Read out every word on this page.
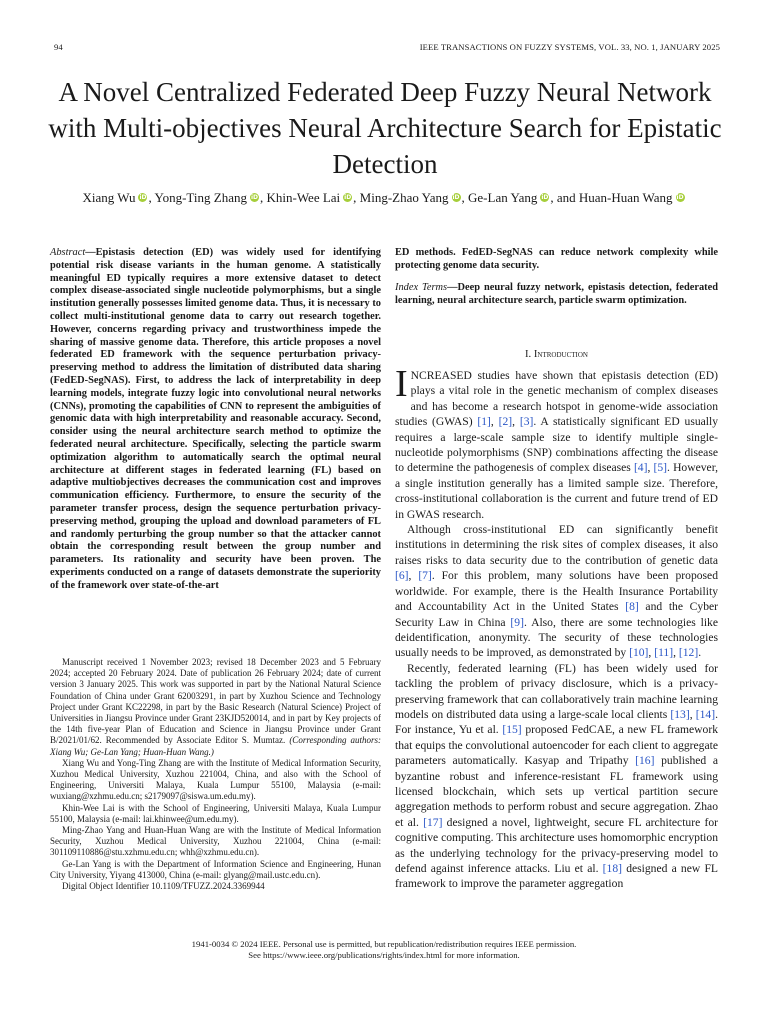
94	IEEE TRANSACTIONS ON FUZZY SYSTEMS, VOL. 33, NO. 1, JANUARY 2025
A Novel Centralized Federated Deep Fuzzy Neural Network with Multi-objectives Neural Architecture Search for Epistatic Detection
Xiang Wu iD , Yong-Ting Zhang iD , Khin-Wee Lai iD , Ming-Zhao Yang iD , Ge-Lan Yang iD , and Huan-Huan Wang iD
Abstract—Epistasis detection (ED) was widely used for identifying potential risk disease variants in the human genome. A statistically meaningful ED typically requires a more extensive dataset to detect complex disease-associated single nucleotide polymorphisms, but a single institution generally possesses limited genome data. Thus, it is necessary to collect multi-institutional genome data to carry out research together. However, concerns regarding privacy and trustworthiness impede the sharing of massive genome data. Therefore, this article proposes a novel federated ED framework with the sequence perturbation privacy-preserving method to address the limitation of distributed data sharing (FedED-SegNAS). First, to address the lack of interpretability in deep learning models, integrate fuzzy logic into convolutional neural networks (CNNs), promoting the capabilities of CNN to represent the ambiguities of genomic data with high interpretability and reasonable accuracy. Second, consider using the neural architecture search method to optimize the federated neural architecture. Specifically, selecting the particle swarm optimization algorithm to automatically search the optimal neural architecture at different stages in federated learning (FL) based on adaptive multiobjectives decreases the communication cost and improves communication efficiency. Furthermore, to ensure the security of the parameter transfer process, design the sequence perturbation privacy-preserving method, grouping the upload and download parameters of FL and randomly perturbing the group number so that the attacker cannot obtain the corresponding result between the group number and parameters. Its rationality and security have been proven. The experiments conducted on a range of datasets demonstrate the superiority of the framework over state-of-the-art
ED methods. FedED-SegNAS can reduce network complexity while protecting genome data security.
Index Terms—Deep neural fuzzy network, epistasis detection, federated learning, neural architecture search, particle swarm optimization.
I. Introduction

INCREASED studies have shown that epistasis detection (ED) plays a vital role in the genetic mechanism of complex diseases and has become a research hotspot in genome-wide association studies (GWAS) [1], [2], [3]. A statistically significant ED usually requires a large-scale sample size to identify multiple single-nucleotide polymorphisms (SNP) combinations affecting the disease to determine the pathogenesis of complex diseases [4], [5]. However, a single institution generally has a limited sample size. Therefore, cross-institutional collaboration is the current and future trend of ED in GWAS research.

Although cross-institutional ED can significantly benefit institutions in determining the risk sites of complex diseases, it also raises risks to data security due to the contribution of genetic data [6], [7]. For this problem, many solutions have been proposed worldwide. For example, there is the Health Insurance Portability and Accountability Act in the United States [8] and the Cyber Security Law in China [9]. Also, there are some technologies like deidentification, anonymity. The security of these technologies usually needs to be improved, as demonstrated by [10], [11], [12].

Recently, federated learning (FL) has been widely used for tackling the problem of privacy disclosure, which is a privacy-preserving framework that can collaboratively train machine learning models on distributed data using a large-scale local clients [13], [14]. For instance, Yu et al. [15] proposed FedCAE, a new FL framework that equips the convolutional autoencoder for each client to aggregate parameters automatically. Kasyap and Tripathy [16] published a byzantine robust and inference-resistant FL framework using licensed blockchain, which sets up vertical partition secure aggregation methods to perform robust and secure aggregation. Zhao et al. [17] designed a novel, lightweight, secure FL architecture for cognitive computing. This architecture uses homomorphic encryption as the underlying technology for the privacy-preserving model to defend against inference attacks. Liu et al. [18] designed a new FL framework to improve the parameter aggregation

Manuscript received 1 November 2023; revised 18 December 2023 and 5 February 2024; accepted 20 February 2024. Date of publication 26 February 2024; date of current version 3 January 2025. This work was supported in part by the National Natural Science Foundation of China under Grant 62003291, in part by Xuzhou Science and Technology Project under Grant KC22298, in part by the Basic Research (Natural Science) Project of Universities in Jiangsu Province under Grant 23KJD520014, and in part by Key projects of the 14th five-year Plan of Education and Science in Jiangsu Province under Grant B/2021/01/62. Recommended by Associate Editor S. Mumtaz. (Corresponding authors: Xiang Wu; Ge-Lan Yang; Huan-Huan Wang.)

Xiang Wu and Yong-Ting Zhang are with the Institute of Medical Information Security, Xuzhou Medical University, Xuzhou 221004, China, and also with the School of Engineering, Universiti Malaya, Kuala Lumpur 55100, Malaysia (e-mail: wuxiang@xzhmu.edu.cn; s2179097@siswa.um.edu.my).

Khin-Wee Lai is with the School of Engineering, Universiti Malaya, Kuala Lumpur 55100, Malaysia (e-mail: lai.khinwee@um.edu.my).

Ming-Zhao Yang and Huan-Huan Wang are with the Institute of Medical Information Security, Xuzhou Medical University, Xuzhou 221004, China (e-mail: 301109110886@stu.xzhmu.edu.cn; whh@xzhmu.edu.cn).

Ge-Lan Yang is with the Department of Information Science and Engineering, Hunan City University, Yiyang 413000, China (e-mail: glyang@mail.ustc.edu.cn).

Digital Object Identifier 10.1109/TFUZZ.2024.3369944

1941-0034 © 2024 IEEE. Personal use is permitted, but republication/redistribution requires IEEE permission.
See https://www.ieee.org/publications/rights/index.html for more information.
